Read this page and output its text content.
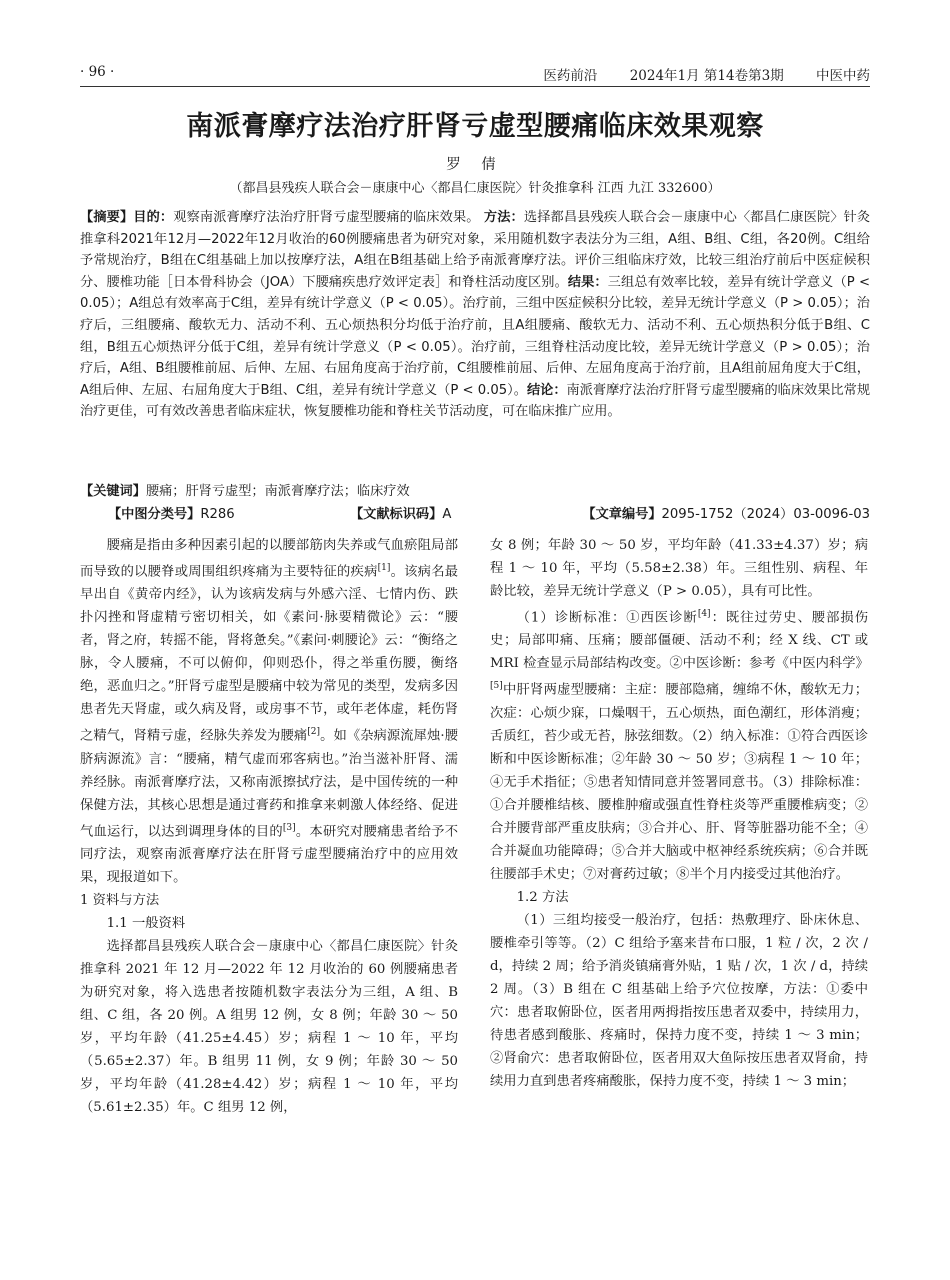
· 96 ·	医药前沿 2024年1月 第14卷第3期 中医中药
南派膏摩疗法治疗肝肾亏虚型腰痛临床效果观察
罗 倩
（都昌县残疾人联合会－康康中心〈都昌仁康医院〉针灸推拿科 江西 九江 332600）
【摘要】目的：观察南派膏摩疗法治疗肝肾亏虚型腰痛的临床效果。 方法：选择都昌县残疾人联合会－康康中心〈都昌仁康医院〉针灸推拿科2021年12月—2022年12月收治的60例腰痛患者为研究对象，采用随机数字表法分为三组，A组、B组、C组，各20例。C组给予常规治疗，B组在C组基础上加以按摩疗法，A组在B组基础上给予南派膏摩疗法。评价三组临床疗效，比较三组治疗前后中医症候积分、腰椎功能［日本骨科协会（JOA）下腰痛疾患疗效评定表］和脊柱活动度区别。结果：三组总有效率比较，差异有统计学意义（P < 0.05）；A组总有效率高于C组，差异有统计学意义（P < 0.05）。治疗前，三组中医症候积分比较，差异无统计学意义（P > 0.05）；治疗后，三组腰痛、酸软无力、活动不利、五心烦热积分均低于治疗前，且A组腰痛、酸软无力、活动不利、五心烦热积分低于B组、C组，B组五心烦热评分低于C组，差异有统计学意义（P < 0.05）。治疗前，三组脊柱活动度比较，差异无统计学意义（P > 0.05）；治疗后，A组、B组腰椎前屈、后伸、左屈、右屈角度高于治疗前，C组腰椎前屈、后伸、左屈角度高于治疗前，且A组前屈角度大于C组，A组后伸、左屈、右屈角度大于B组、C组，差异有统计学意义（P < 0.05）。结论：南派膏摩疗法治疗肝肾亏虚型腰痛的临床效果比常规治疗更佳，可有效改善患者临床症状，恢复腰椎功能和脊柱关节活动度，可在临床推广应用。
【关键词】腰痛；肝肾亏虚型；南派膏摩疗法；临床疗效
【中图分类号】R286	【文献标识码】A	【文章编号】2095-1752（2024）03-0096-03

腰痛是指由多种因素引起的以腰部筋肉失养或气血瘀阻局部而导致的以腰脊或周围组织疼痛为主要特征的疾病[1]。该病名最早出自《黄帝内经》，认为该病发病与外感六淫、七情内伤、跌扑闪挫和肾虚精亏密切相关，如《素问·脉要精微论》云：“腰者，肾之府，转摇不能，肾将惫矣。”《素问·刺腰论》云：“衡络之脉，令人腰痛，不可以俯仰，仰则恐仆，得之举重伤腰，衡络绝，恶血归之。”肝肾亏虚型是腰痛中较为常见的类型，发病多因患者先天肾虚，或久病及肾，或房事不节，或年老体虚，耗伤肾之精气，肾精亏虚，经脉失养发为腰痛[2]。如《杂病源流犀烛·腰脐病源流》言：“腰痛，精气虚而邪客病也。”治当滋补肝肾、濡养经脉。南派膏摩疗法，又称南派擦拭疗法，是中国传统的一种保健方法，其核心思想是通过膏药和推拿来刺激人体经络、促进气血运行，以达到调理身体的目的[3]。本研究对腰痛患者给予不同疗法，观察南派膏摩疗法在肝肾亏虚型腰痛治疗中的应用效果，现报道如下。

1 资料与方法

1.1 一般资料

选择都昌县残疾人联合会－康康中心〈都昌仁康医院〉针灸推拿科 2021 年 12 月—2022 年 12 月收治的 60 例腰痛患者为研究对象，将入选患者按随机数字表法分为三组，A 组、B 组、C 组，各 20 例。A 组男 12 例，女 8 例；年龄 30 ～ 50 岁，平均年龄（41.25±4.45）岁；病程 1 ～ 10 年，平均（5.65±2.37）年。B 组男 11 例，女 9 例；年龄 30 ～ 50 岁，平均年龄（41.28±4.42）岁；病程 1 ～ 10 年，平均（5.61±2.35）年。C 组男 12 例，

女 8 例；年龄 30 ～ 50 岁，平均年龄（41.33±4.37）岁；病程 1 ～ 10 年，平均（5.58±2.38）年。三组性别、病程、年龄比较，差异无统计学意义（P > 0.05），具有可比性。

（1）诊断标准：①西医诊断[4]：既往过劳史、腰部损伤史；局部叩痛、压痛；腰部僵硬、活动不利；经 X 线、CT 或 MRI 检查显示局部结构改变。②中医诊断：参考《中医内科学》[5]中肝肾两虚型腰痛：主症：腰部隐痛，缠绵不休，酸软无力；次症：心烦少寐，口燥咽干，五心烦热，面色潮红，形体消瘦；舌质红，苔少或无苔，脉弦细数。（2）纳入标准：①符合西医诊断和中医诊断标准；②年龄 30 ～ 50 岁；③病程 1 ～ 10 年；④无手术指征；⑤患者知情同意并签署同意书。（3）排除标准：①合并腰椎结核、腰椎肿瘤或强直性脊柱炎等严重腰椎病变；②合并腰背部严重皮肤病；③合并心、肝、肾等脏器功能不全；④合并凝血功能障碍；⑤合并大脑或中枢神经系统疾病；⑥合并既往腰部手术史；⑦对膏药过敏；⑧半个月内接受过其他治疗。

1.2 方法

（1）三组均接受一般治疗，包括：热敷理疗、卧床休息、腰椎牵引等等。（2）C 组给予塞来昔布口服，1 粒 / 次，2 次 / d，持续 2 周；给予消炎镇痛膏外贴，1 贴 / 次，1 次 / d，持续 2 周。（3）B 组在 C 组基础上给予穴位按摩，方法：①委中穴：患者取俯卧位，医者用两拇指按压患者双委中，持续用力，待患者感到酸胀、疼痛时，保持力度不变，持续 1 ～ 3 min；②肾俞穴：患者取俯卧位，医者用双大鱼际按压患者双肾俞，持续用力直到患者疼痛酸胀，保持力度不变，持续 1 ～ 3 min；
